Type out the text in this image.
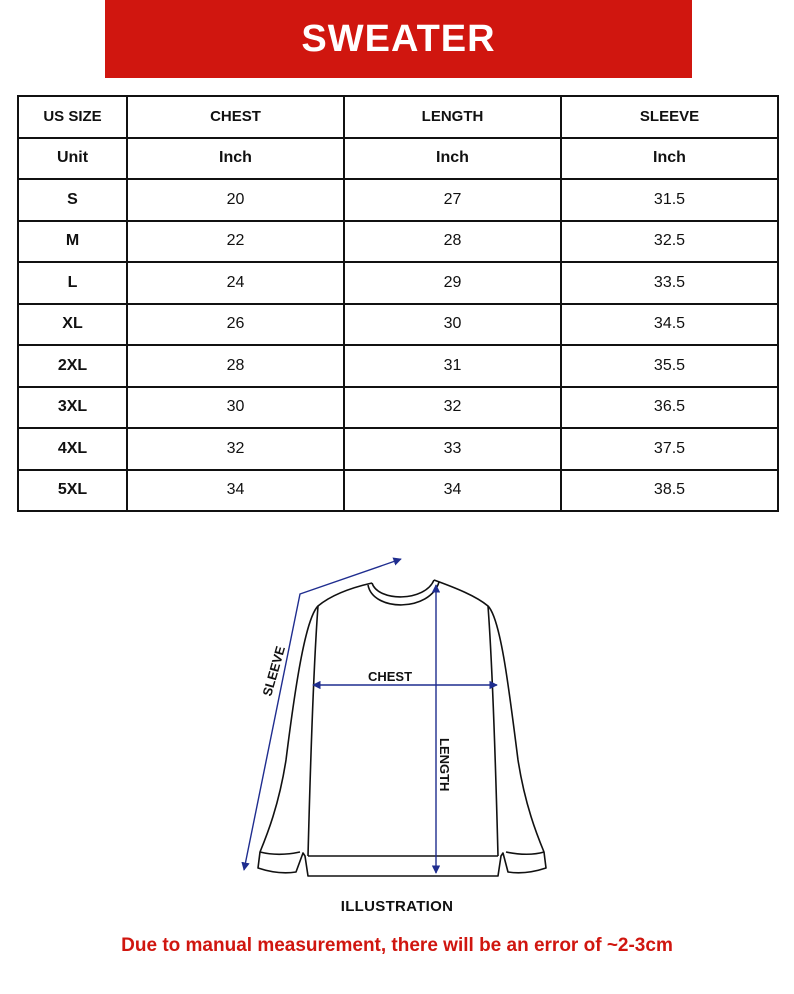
SWEATER
US SIZE	CHEST	LENGTH	SLEEVE
Unit	Inch	Inch	Inch
S	20	27	31.5
M	22	28	32.5
L	24	29	33.5
XL	26	30	34.5
2XL	28	31	35.5
3XL	30	32	36.5
4XL	32	33	37.5
5XL	34	34	38.5
SLEEVE	CHEST
LENGTH
ILLUSTRATION
Due to manual measurement, there will be an error of ~2-3cm
